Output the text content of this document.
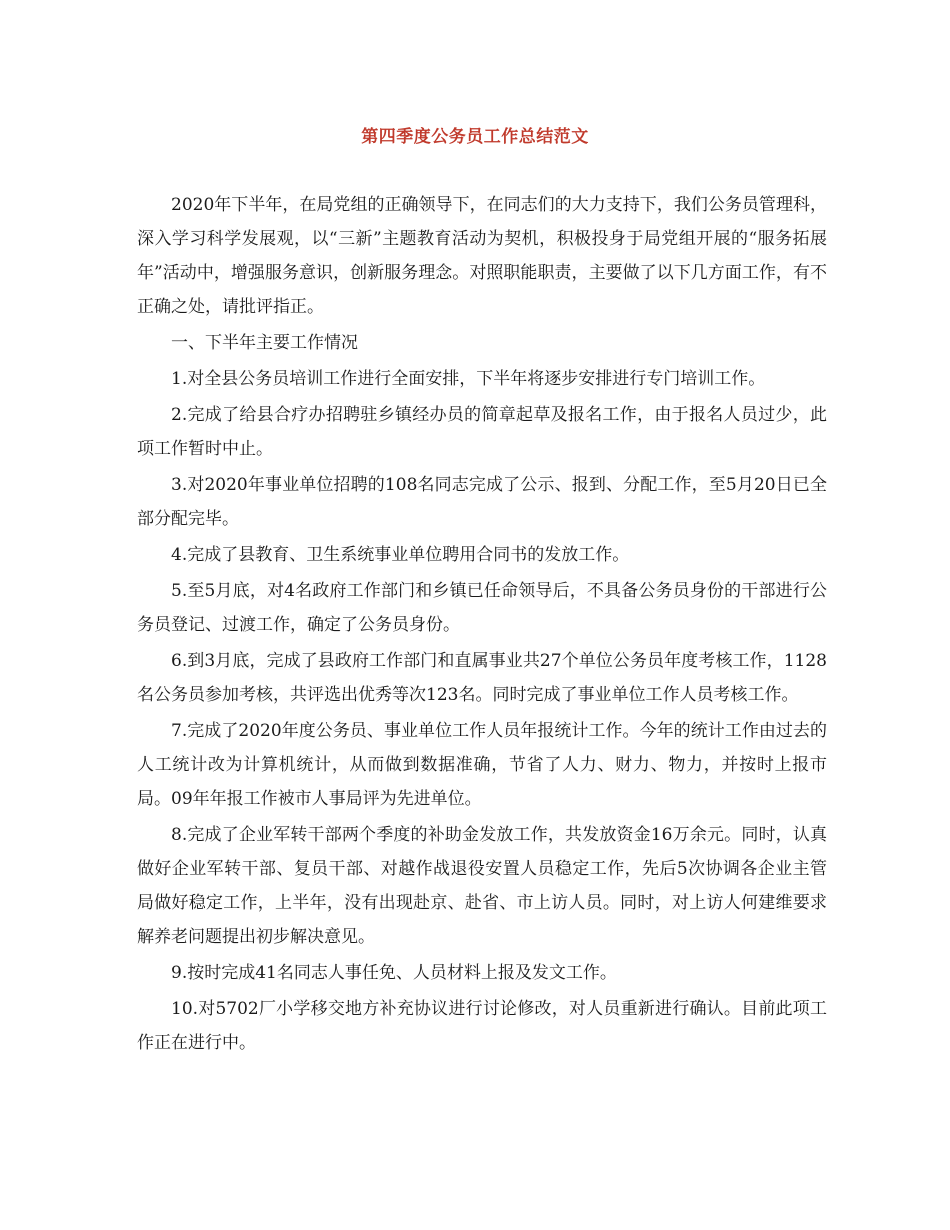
第四季度公务员工作总结范文

2020年下半年，在局党组的正确领导下，在同志们的大力支持下，我们公务员管理科，深入学习科学发展观，以“三新”主题教育活动为契机，积极投身于局党组开展的“服务拓展年”活动中，增强服务意识，创新服务理念。对照职能职责，主要做了以下几方面工作，有不正确之处，请批评指正。

一、下半年主要工作情况

1.对全县公务员培训工作进行全面安排，下半年将逐步安排进行专门培训工作。

2.完成了给县合疗办招聘驻乡镇经办员的简章起草及报名工作，由于报名人员过少，此项工作暂时中止。

3.对2020年事业单位招聘的108名同志完成了公示、报到、分配工作，至5月20日已全部分配完毕。

4.完成了县教育、卫生系统事业单位聘用合同书的发放工作。

5.至5月底，对4名政府工作部门和乡镇已任命领导后，不具备公务员身份的干部进行公务员登记、过渡工作，确定了公务员身份。

6.到3月底，完成了县政府工作部门和直属事业共27个单位公务员年度考核工作，1128名公务员参加考核，共评选出优秀等次123名。同时完成了事业单位工作人员考核工作。

7.完成了2020年度公务员、事业单位工作人员年报统计工作。今年的统计工作由过去的人工统计改为计算机统计，从而做到数据准确，节省了人力、财力、物力，并按时上报市局。09年年报工作被市人事局评为先进单位。

8.完成了企业军转干部两个季度的补助金发放工作，共发放资金16万余元。同时，认真做好企业军转干部、复员干部、对越作战退役安置人员稳定工作，先后5次协调各企业主管局做好稳定工作，上半年，没有出现赴京、赴省、市上访人员。同时，对上访人何建维要求解养老问题提出初步解决意见。

9.按时完成41名同志人事任免、人员材料上报及发文工作。

10.对5702厂小学移交地方补充协议进行讨论修改，对人员重新进行确认。目前此项工作正在进行中。
